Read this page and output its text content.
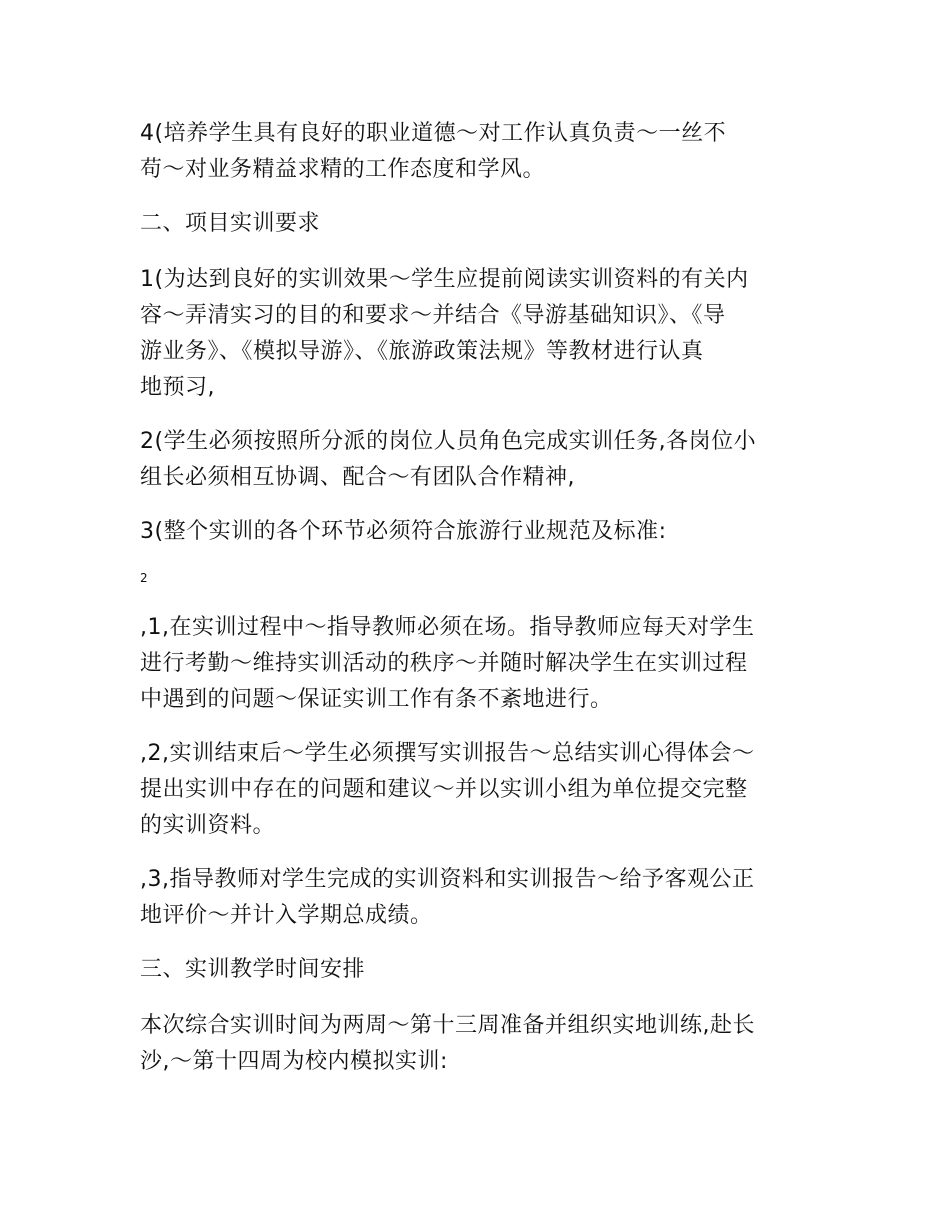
4(培养学生具有良好的职业道德～对工作认真负责～一丝不
苟～对业务精益求精的工作态度和学风。

二、项目实训要求

1(为达到良好的实训效果～学生应提前阅读实训资料的有关内
容～弄清实习的目的和要求～并结合《导游基础知识》、《导
游业务》、《模拟导游》、《旅游政策法规》等教材进行认真
地预习,

2(学生必须按照所分派的岗位人员角色完成实训任务,各岗位小
组长必须相互协调、配合～有团队合作精神,

3(整个实训的各个环节必须符合旅游行业规范及标准:

2

,1,在实训过程中～指导教师必须在场。指导教师应每天对学生
进行考勤～维持实训活动的秩序～并随时解决学生在实训过程
中遇到的问题～保证实训工作有条不紊地进行。

,2,实训结束后～学生必须撰写实训报告～总结实训心得体会～
提出实训中存在的问题和建议～并以实训小组为单位提交完整
的实训资料。

,3,指导教师对学生完成的实训资料和实训报告～给予客观公正
地评价～并计入学期总成绩。

三、实训教学时间安排

本次综合实训时间为两周～第十三周准备并组织实地训练,赴长
沙,～第十四周为校内模拟实训:
